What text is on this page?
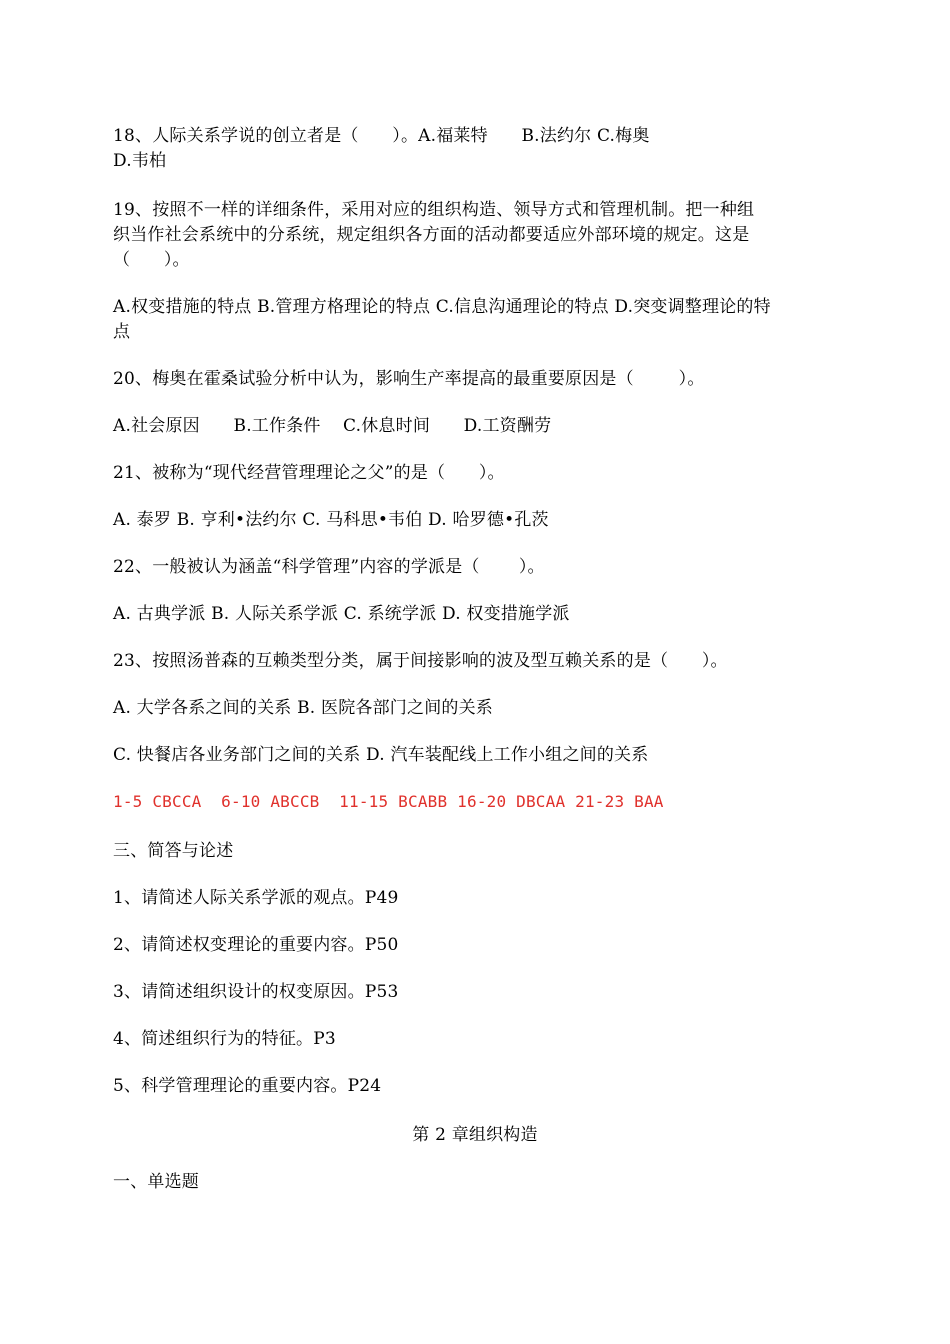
18、人际关系学说的创立者是（      ）。A.福莱特      B.法约尔 C.梅奥
D.韦柏
19、按照不一样的详细条件，采用对应的组织构造、领导方式和管理机制。把一种组
织当作社会系统中的分系统，规定组织各方面的活动都要适应外部环境的规定。这是
（      ）。
A.权变措施的特点 B.管理方格理论的特点 C.信息沟通理论的特点 D.突变调整理论的特
点
20、梅奥在霍桑试验分析中认为，影响生产率提高的最重要原因是（        ）。
A.社会原因      B.工作条件    C.休息时间      D.工资酬劳
21、被称为“现代经营管理理论之父”的是（      ）。
A. 泰罗 B. 亨利•法约尔 C. 马科思•韦伯 D. 哈罗德•孔茨
22、一般被认为涵盖“科学管理”内容的学派是（       ）。
A. 古典学派 B. 人际关系学派 C. 系统学派 D. 权变措施学派
23、按照汤普森的互赖类型分类，属于间接影响的波及型互赖关系的是（      ）。
A. 大学各系之间的关系 B. 医院各部门之间的关系
C. 快餐店各业务部门之间的关系 D. 汽车装配线上工作小组之间的关系
1-5 CBCCA  6-10 ABCCB  11-15 BCABB 16-20 DBCAA 21-23 BAA
三、简答与论述
1、请简述人际关系学派的观点。P49
2、请简述权变理论的重要内容。P50
3、请简述组织设计的权变原因。P53
4、简述组织行为的特征。P3
5、科学管理理论的重要内容。P24
第 2 章组织构造
一、单选题
